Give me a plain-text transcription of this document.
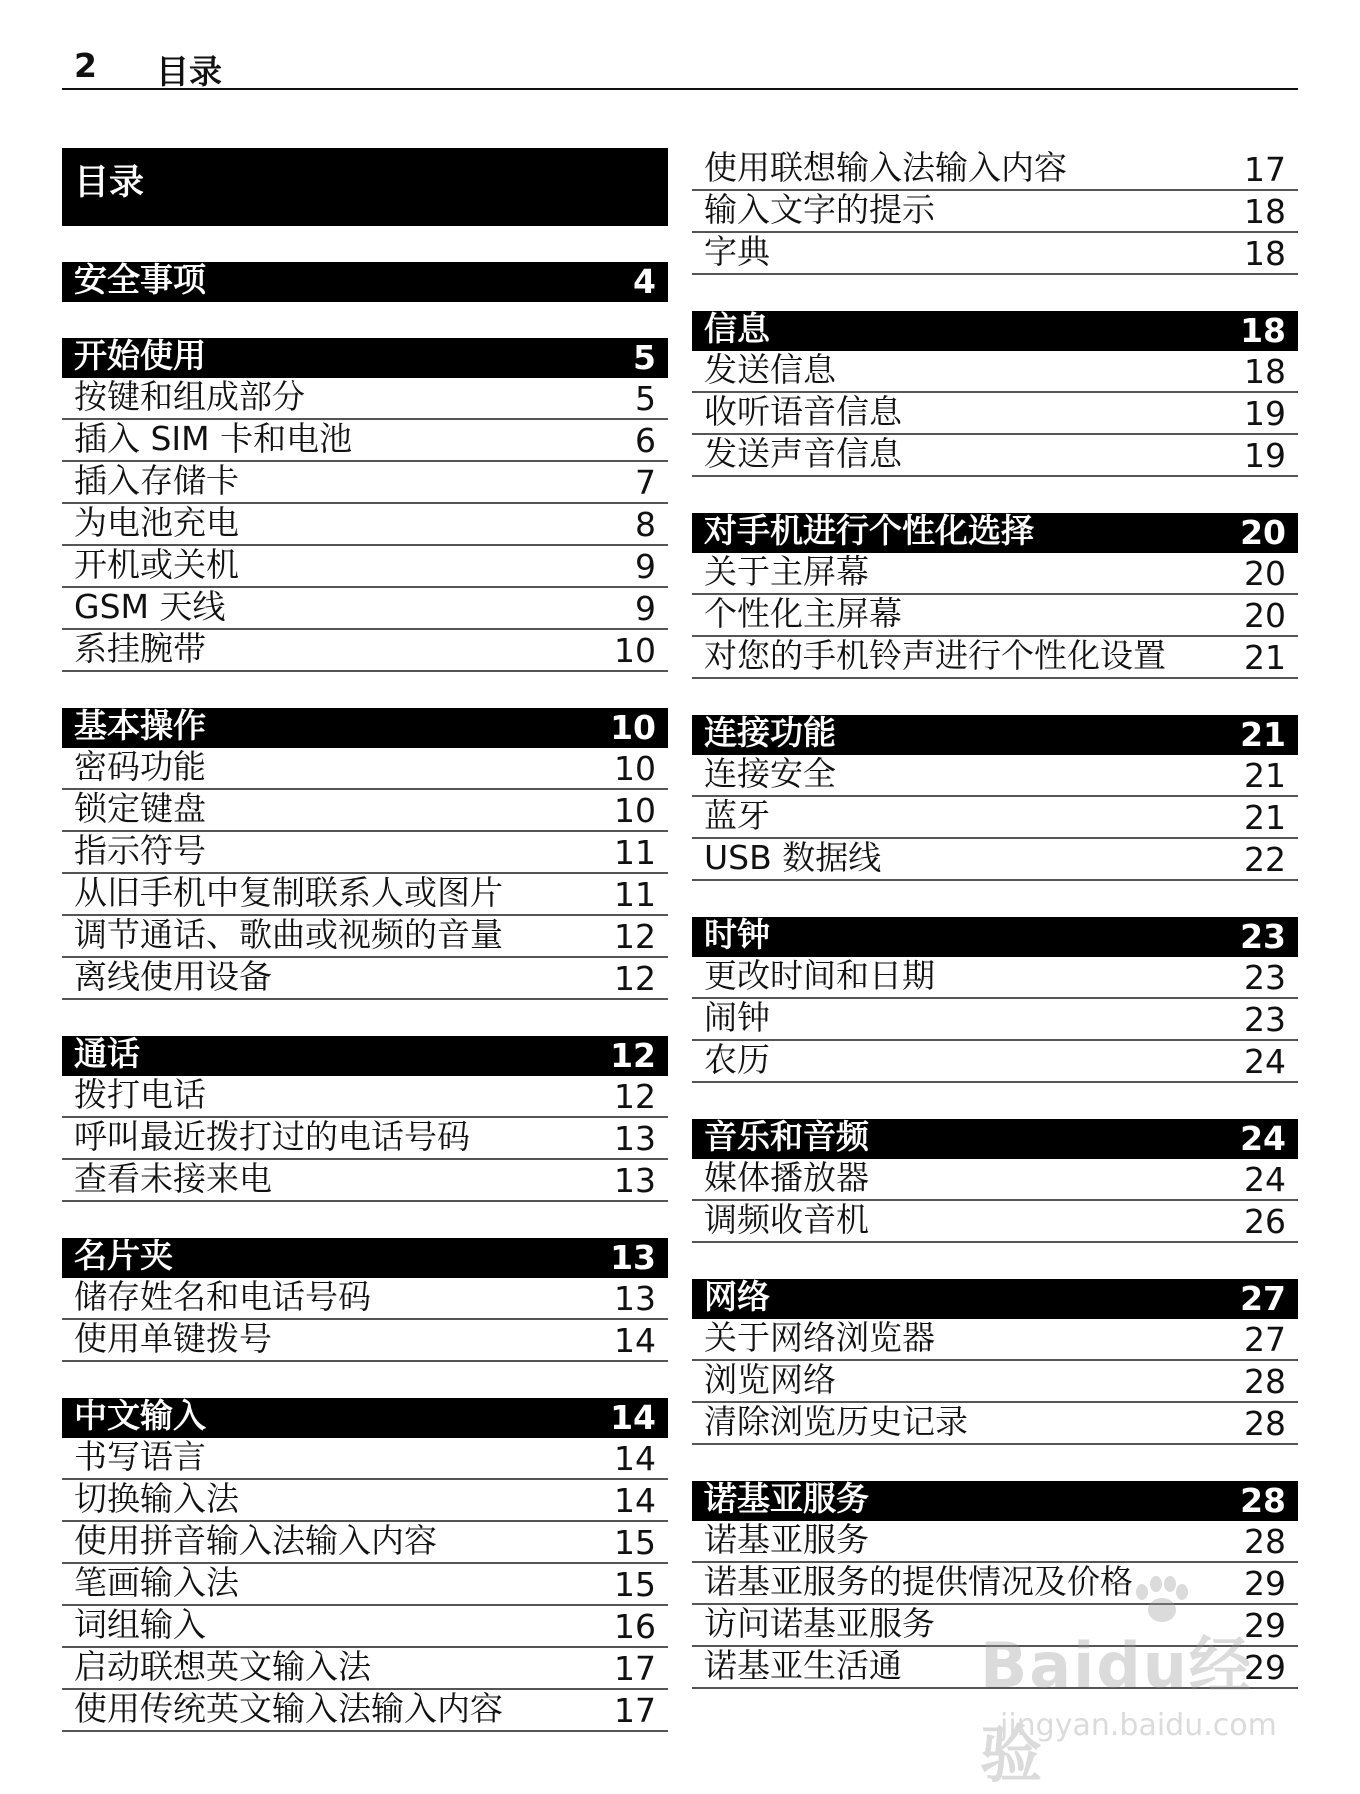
2 目录
目录
安全事项	4
开始使用	5
按键和组成部分	5
插入 SIM 卡和电池	6
插入存储卡	7
为电池充电	8
开机或关机	9
GSM 天线	9
系挂腕带	10
基本操作	10
密码功能	10
锁定键盘	10
指示符号	11
从旧手机中复制联系人或图片	11
调节通话、歌曲或视频的音量	12
离线使用设备	12
通话	12
拨打电话	12
呼叫最近拨打过的电话号码	13
查看未接来电	13
名片夹	13
储存姓名和电话号码	13
使用单键拨号	14
中文输入	14
书写语言	14
切换输入法	14
使用拼音输入法输入内容	15
笔画输入法	15
词组输入	16
启动联想英文输入法	17
使用传统英文输入法输入内容	17
使用联想输入法输入内容	17
输入文字的提示	18
字典	18
信息	18
发送信息	18
收听语音信息	19
发送声音信息	19
对手机进行个性化选择	20
关于主屏幕	20
个性化主屏幕	20
对您的手机铃声进行个性化设置 21
连接功能	21
连接安全	21
蓝牙	21
USB 数据线	22
时钟	23
更改时间和日期	23
闹钟	23
农历	24
音乐和音频	24
媒体播放器	24
调频收音机	26
网络	27
关于网络浏览器	27
浏览网络	28
清除浏览历史记录	28
诺基亚服务	28
诺基亚服务	28
诺基亚服务的提供情况及价格	29
访问诺基亚服务	29
诺基亚生活通	29
Baidu经验
jingyan.baidu.com
